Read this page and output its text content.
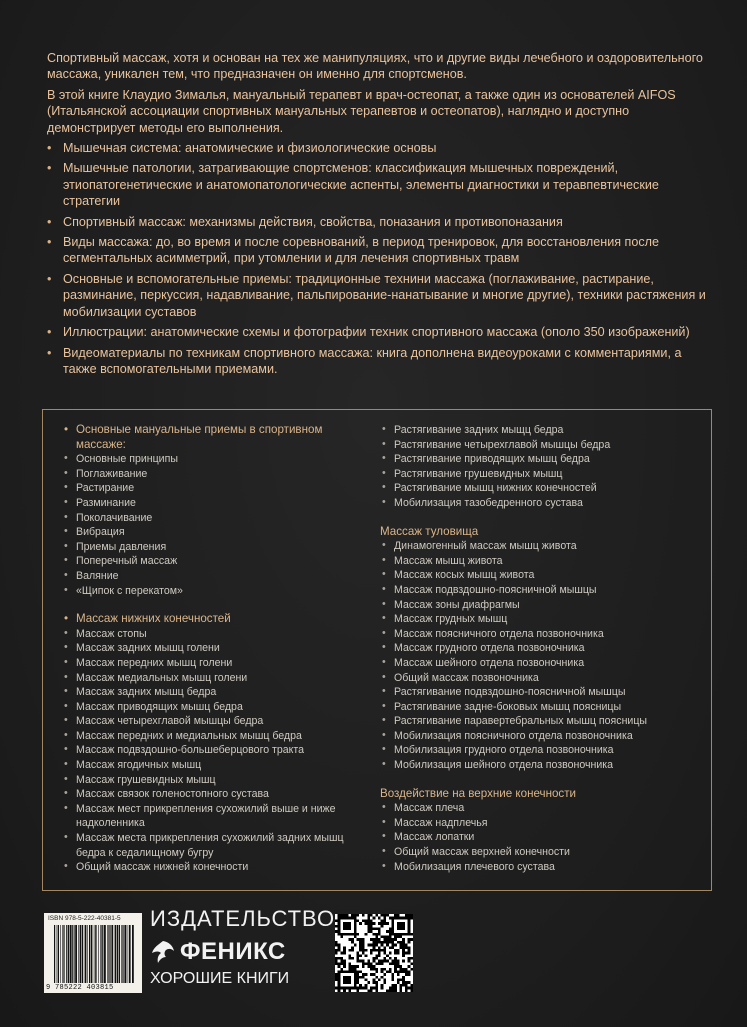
Спортивный массаж, хотя и основан на тех же манипуляциях, что и другие виды лечебного и оздоровительного массажа, уникален тем, что предназначен он именно для спортсменов.

В этой книге Клаудио Зималья, мануальный терапевт и врач-остеопат, а также один из основателей AIFOS (Итальянской ассоциации спортивных мануальных терапевтов и остеопатов), наглядно и доступно демонстрирует методы его выполнения.

• Мышечная система: анатомические и физиологические основы
• Мышечные патологии, затрагивающие спортсменов: классификация мышечных повреждений, этиопатогенетические и анатомопатологические аспенты, элементы диагностики и теравпевтические стратегии
• Спортивный массаж: механизмы действия, свойства, поназания и противопоназания
• Виды массажа: до, во время и после соревнований, в период тренировок, для восстановления после сегментальных асимметрий, при утомлении и для лечения спортивных травм
• Основные и вспомогательные приемы: традиционные технини массажа (поглаживание, растирание, разминание, перкуссия, надавливание, пальпирование-нанатывание и многие другие), техники растяжения и мобилизации суставов
• Иллюстрации: анатомические схемы и фотографии техник спортивного массажа (ополо 350 изображений)
• Видеоматериалы по техникам спортивного массажа: книга дополнена видеоуроками с комментариями, а также вспомогательными приемами.

• Основные мануальные приемы в спортивном массаже:

• Основные принципы
• Поглаживание
• Растирание
• Разминание
• Поколачивание
• Вибрация
• Приемы давления
• Поперечный массаж
• Валяние
• «Щипок с перекатом»

• Массаж нижних конечностей

• Массаж стопы
• Массаж задних мышц голени
• Массаж передних мышц голени
• Массаж медиальных мышц голени
• Массаж задних мышц бедра
• Массаж приводящих мышц бедра
• Массаж четырехглавой мышцы бедра
• Массаж передних и медиальных мышц бедра
• Массаж подвздошно-большеберцового тракта
• Массаж ягодичных мышц
• Массаж грушевидных мышц
• Массаж связок голеностопного сустава
• Массаж мест прикрепления сухожилий выше и ниже надколенника
• Массаж места прикрепления сухожилий задних мышц бедра к седалищному бугру
• Общий массаж нижней конечности
• Растягивание задних мыщц бедра
• Растягивание четырехглавой мышцы бедра
• Растягивание приводящих мышц бедра
• Растягивание грушевидных мышц
• Растягивание мышц нижних конечностей
• Мобилизация тазобедренного сустава

Массаж туловища

• Динамогенный массаж мышц живота
• Массаж мышц живота
• Массаж косых мышц живота
• Массаж подвздошно-поясничной мышцы
• Массаж зоны диафрагмы
• Массаж грудных мышц
• Массаж поясничного отдела позвоночника
• Массаж грудного отдела позвоночника
• Массаж шейного отдела позвоночника
• Общий массаж позвоночника
• Растягивание подвздошно-поясничной мышцы
• Растягивание задне-боковых мышц поясницы
• Растягивание паравертебральных мышц поясницы
• Мобилизация поясничного отдела позвоночника
• Мобилизация грудного отдела позвоночника
• Мобилизация шейного отдела позвоночника

Воздействие на верхние конечности

• Массаж плеча
• Массаж надплечья
• Массаж лопатки
• Общий массаж верхней конечности
• Мобилизация плечевого сустава
ISBN 978-5-222-40381-5
9 785222 403815
ИЗДАТЕЛЬСТВО
ФЕНИКС
ХОРОШИЕ КНИГИ
